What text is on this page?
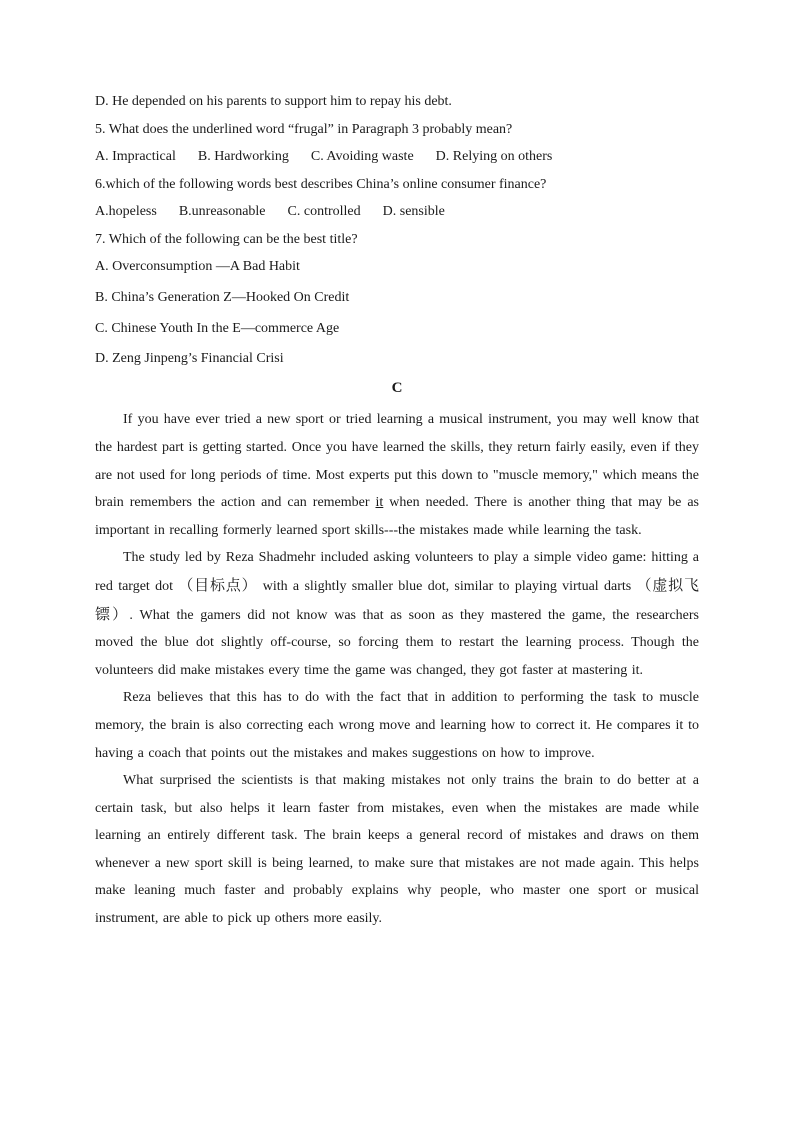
D. He depended on his parents to support him to repay his debt.

5. What does the underlined word “frugal” in Paragraph 3 probably mean?

A. Impractical B. Hardworking C. Avoiding waste D. Relying on others

6.which of the following words best describes China’s online consumer finance?

A.hopeless B.unreasonable C. controlled D. sensible

7. Which of the following can be the best title?

A. Overconsumption —A Bad Habit

B. China’s Generation Z—Hooked On Credit

C. Chinese Youth In the E—commerce Age

D. Zeng Jinpeng’s Financial Crisi

C

If you have ever tried a new sport or tried learning a musical instrument, you may well know that the hardest part is getting started. Once you have learned the skills, they return fairly easily, even if they are not used for long periods of time. Most experts put this down to "muscle memory," which means the brain remembers the action and can remember it when needed. There is another thing that may be as important in recalling formerly learned sport skills---the mistakes made while learning the task.

The study led by Reza Shadmehr included asking volunteers to play a simple video game: hitting a red target dot （目标点） with a slightly smaller blue dot, similar to playing virtual darts （虚拟飞镖）. What the gamers did not know was that as soon as they mastered the game, the researchers moved the blue dot slightly off-course, so forcing them to restart the learning process. Though the volunteers did make mistakes every time the game was changed, they got faster at mastering it.

Reza believes that this has to do with the fact that in addition to performing the task to muscle memory, the brain is also correcting each wrong move and learning how to correct it. He compares it to having a coach that points out the mistakes and makes suggestions on how to improve.

What surprised the scientists is that making mistakes not only trains the brain to do better at a certain task, but also helps it learn faster from mistakes, even when the mistakes are made while learning an entirely different task. The brain keeps a general record of mistakes and draws on them whenever a new sport skill is being learned, to make sure that mistakes are not made again. This helps make leaning much faster and probably explains why people, who master one sport or musical instrument, are able to pick up others more easily.
